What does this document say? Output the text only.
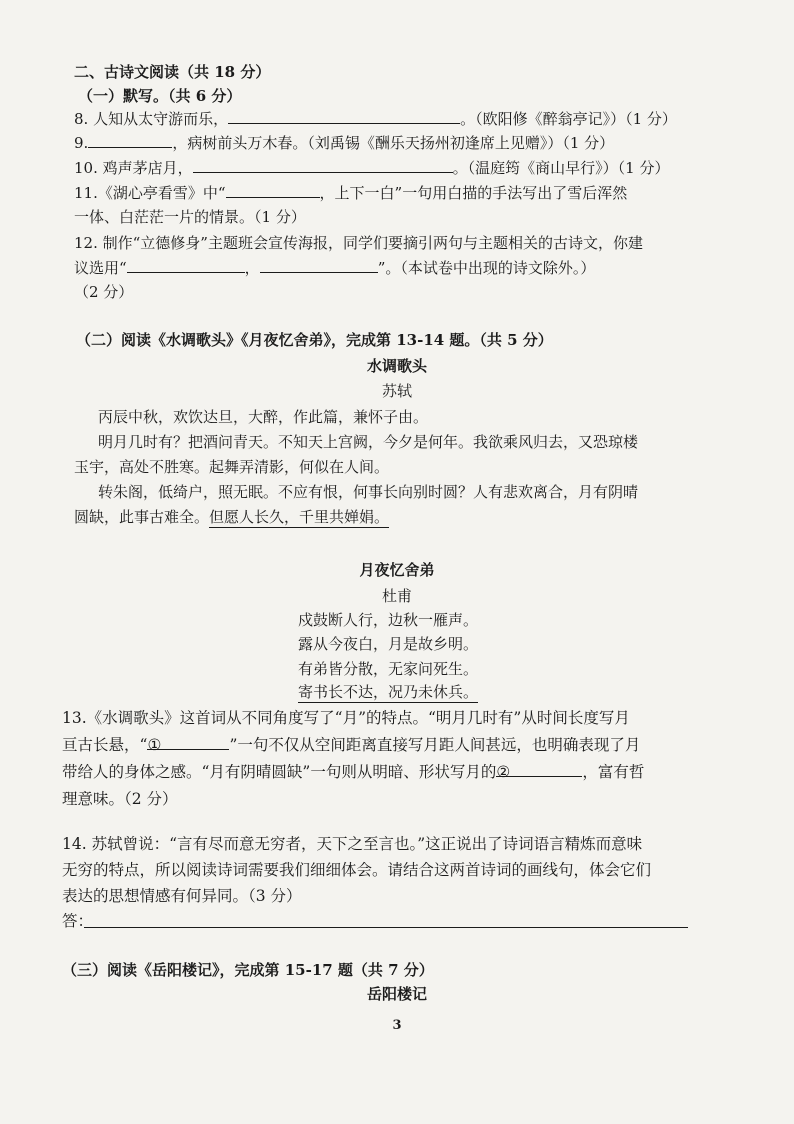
二、古诗文阅读（共 18 分）
（一）默写。（共 6 分）
8. 人知从太守游而乐，	。（欧阳修《醉翁亭记》）（1 分）
9.	，病树前头万木春。（刘禹锡《酬乐天扬州初逢席上见赠》）（1 分）
10. 鸡声茅店月，	。（温庭筠《商山早行》）（1 分）
11.《湖心亭看雪》中“	，上下一白”一句用白描的手法写出了雪后浑然
一体、白茫茫一片的情景。（1 分）
12. 制作“立德修身”主题班会宣传海报，同学们要摘引两句与主题相关的古诗文，你建
议选用“	，	”。（本试卷中出现的诗文除外。）
（2 分）
（二）阅读《水调歌头》《月夜忆舍弟》，完成第 13-14 题。（共 5 分）
水调歌头
苏轼
丙辰中秋，欢饮达旦，大醉，作此篇，兼怀子由。
明月几时有？把酒问青天。不知天上宫阙，今夕是何年。我欲乘风归去，又恐琼楼
玉宇，高处不胜寒。起舞弄清影，何似在人间。
转朱阁，低绮户，照无眠。不应有恨，何事长向别时圆？人有悲欢离合，月有阴晴
圆缺，此事古难全。但愿人长久，千里共婵娟。
月夜忆舍弟
杜甫
戍鼓断人行，边秋一雁声。
露从今夜白，月是故乡明。
有弟皆分散，无家问死生。
寄书长不达，况乃未休兵。
13.《水调歌头》这首词从不同角度写了“月”的特点。“明月几时有”从时间长度写月
亘古长悬，“①	”一句不仅从空间距离直接写月距人间甚远，也明确表现了月
带给人的身体之感。“月有阴晴圆缺”一句则从明暗、形状写月的②	，富有哲
理意味。（2 分）
14. 苏轼曾说：“言有尽而意无穷者，天下之至言也。”这正说出了诗词语言精炼而意味
无穷的特点，所以阅读诗词需要我们细细体会。请结合这两首诗词的画线句，体会它们
表达的思想情感有何异同。（3 分）
答：
（三）阅读《岳阳楼记》，完成第 15-17 题（共 7 分）
岳阳楼记
3
